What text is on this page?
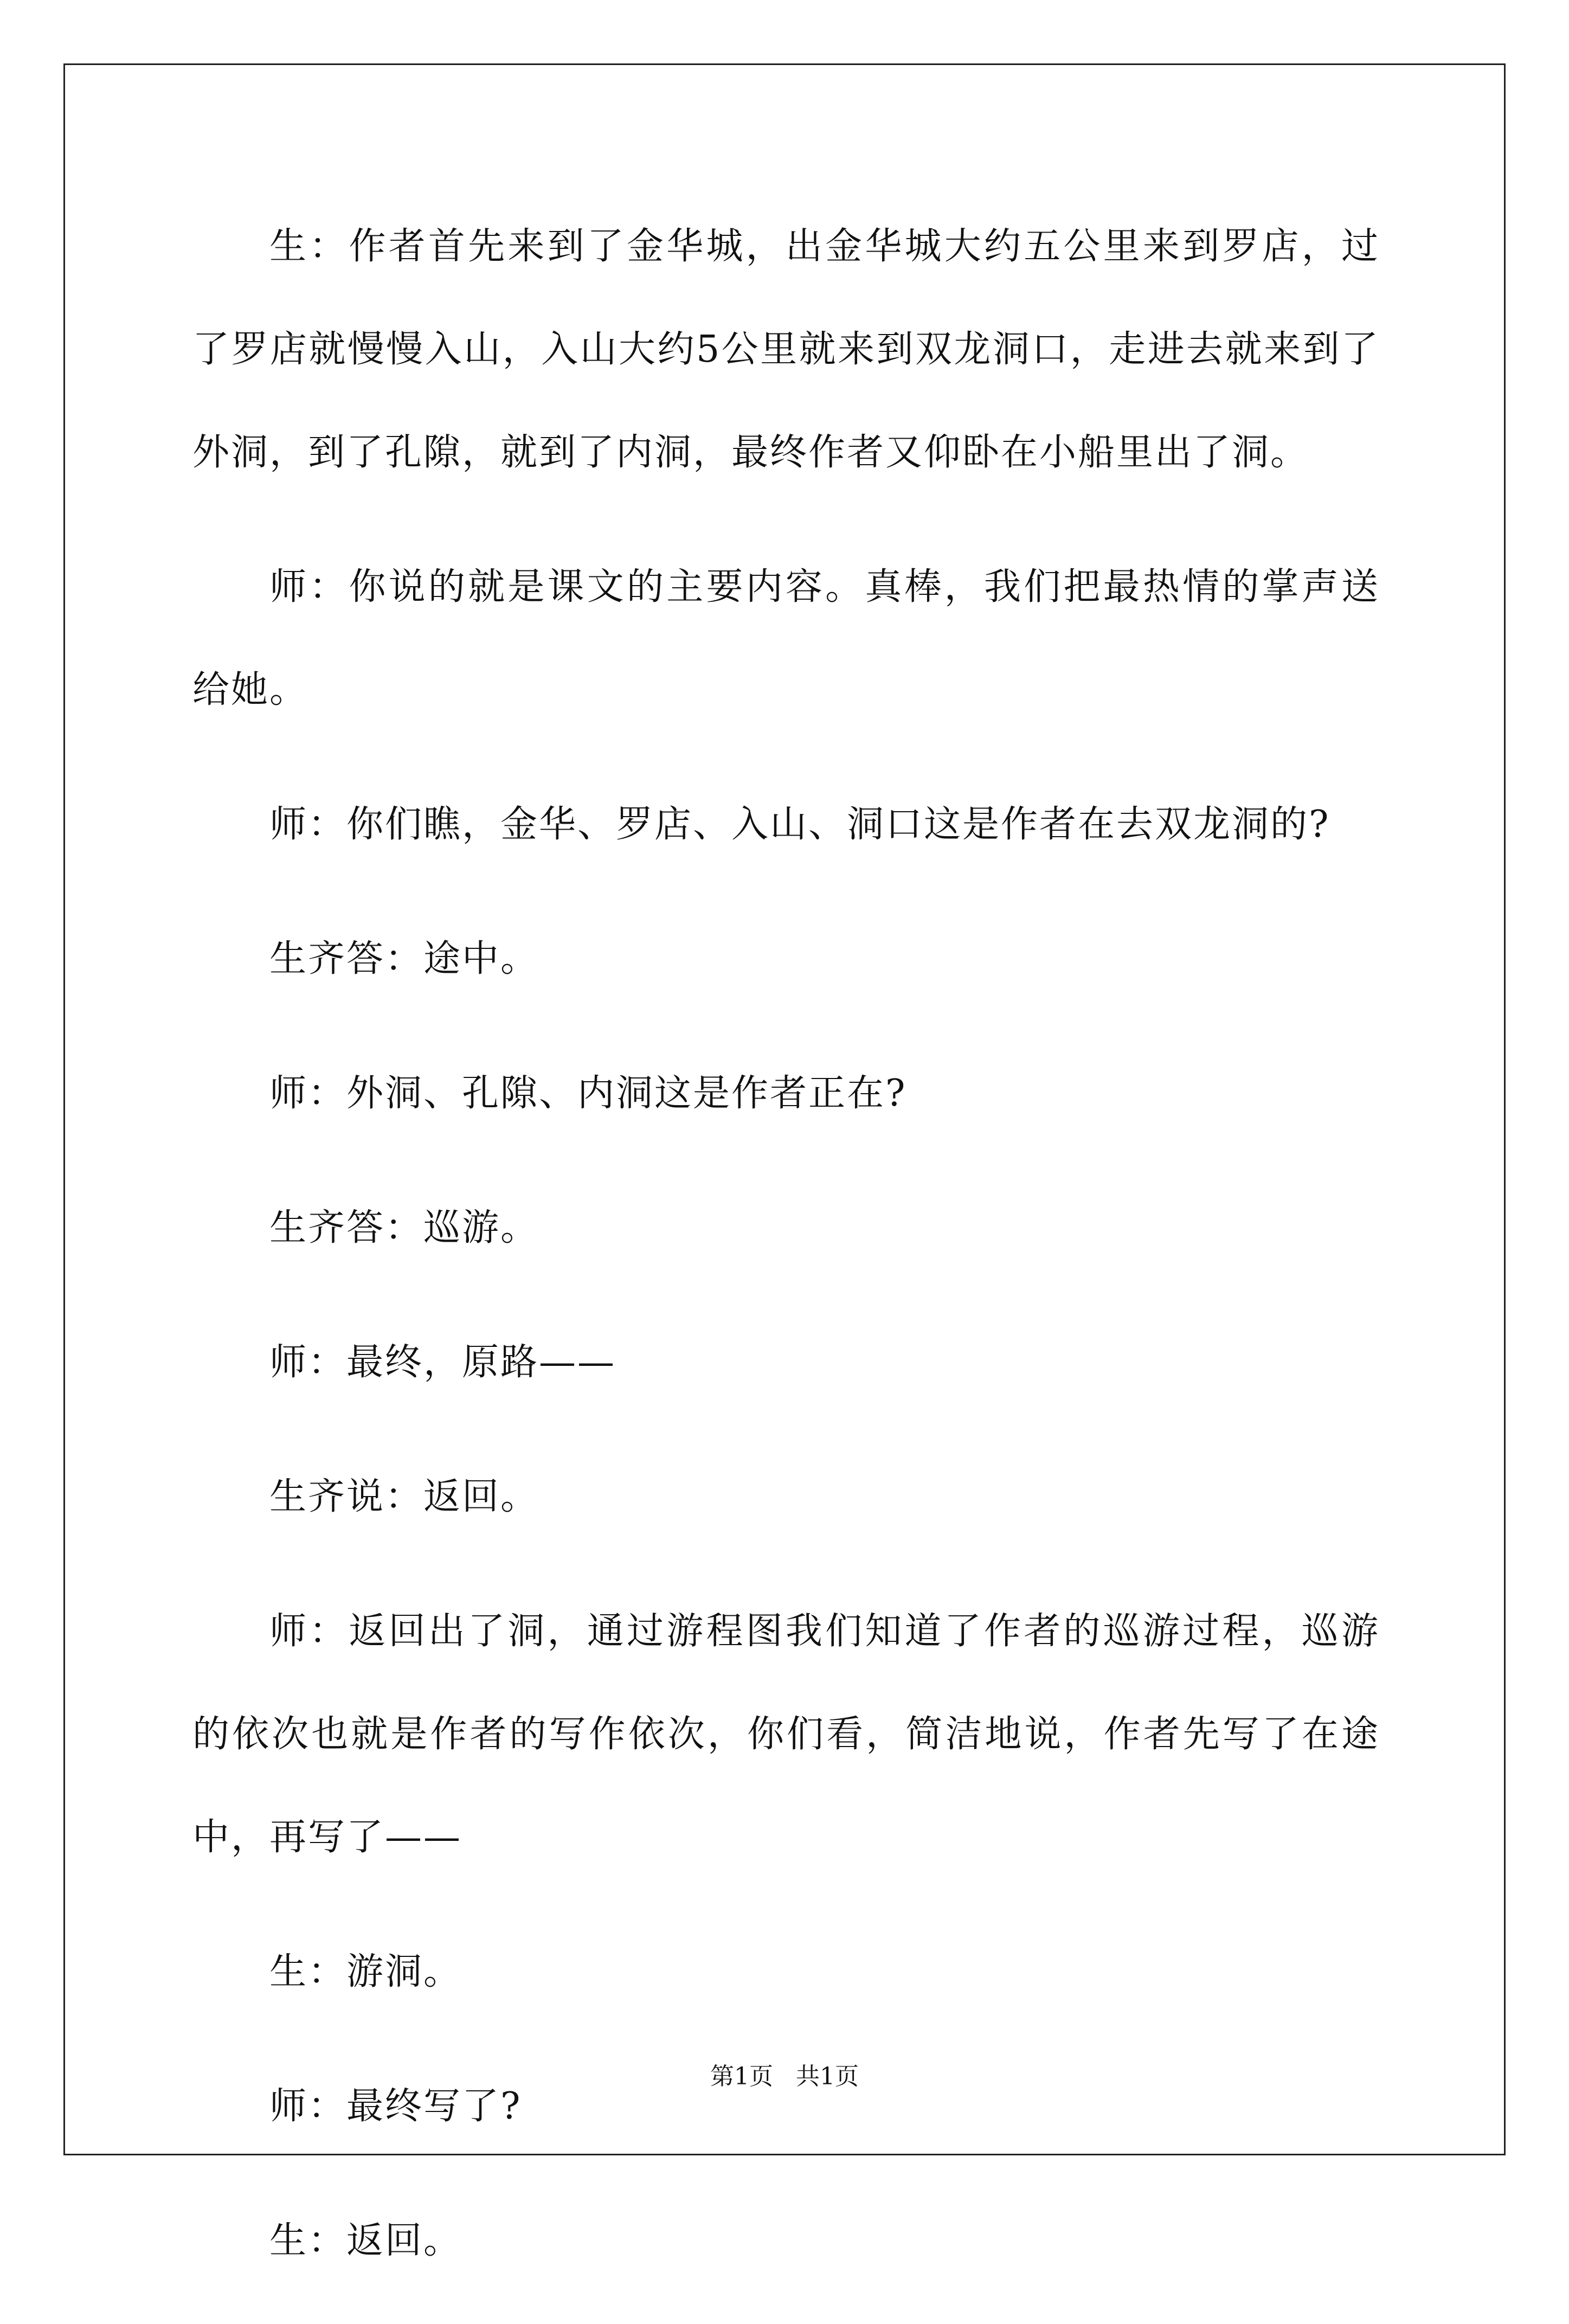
生：作者首先来到了金华城，出金华城大约五公里来到罗店，过了罗店就慢慢入山，入山大约5公里就来到双龙洞口，走进去就来到了外洞，到了孔隙，就到了内洞，最终作者又仰卧在小船里出了洞。

师：你说的就是课文的主要内容。真棒，我们把最热情的掌声送给她。

师：你们瞧，金华、罗店、入山、洞口这是作者在去双龙洞的?

生齐答：途中。

师：外洞、孔隙、内洞这是作者正在?

生齐答：巡游。

师：最终，原路——

生齐说：返回。

师：返回出了洞，通过游程图我们知道了作者的巡游过程，巡游的依次也就是作者的写作依次，你们看，简洁地说，作者先写了在途中，再写了——

生：游洞。

师：最终写了?

生：返回。

第1页   共1页
